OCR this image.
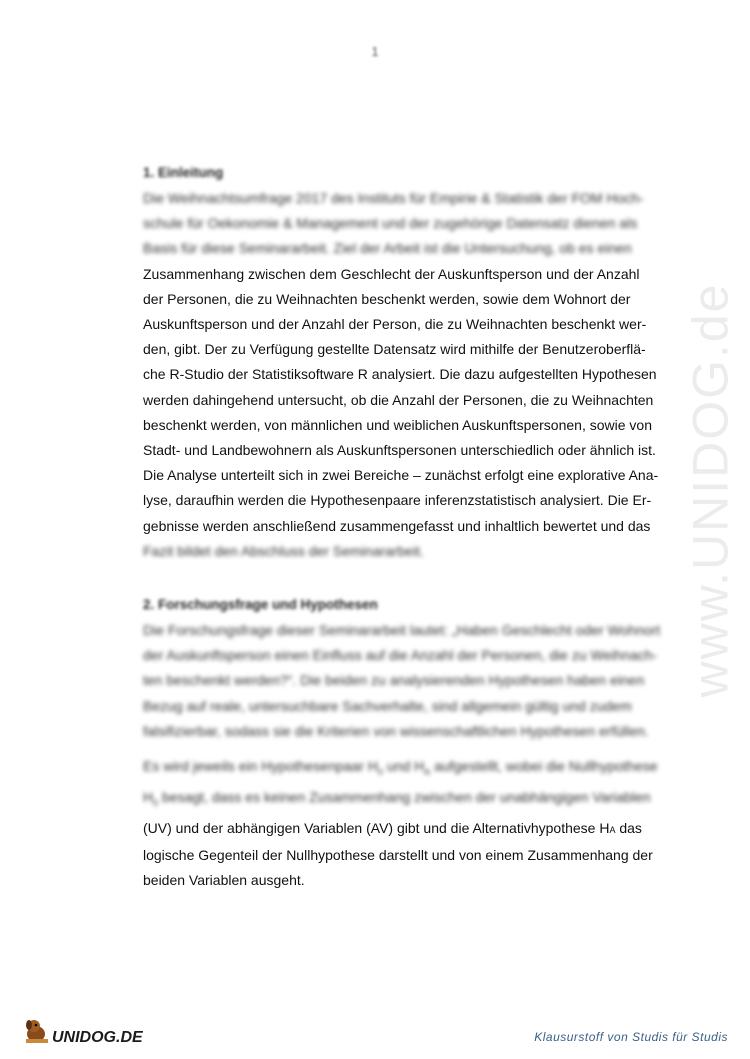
1
www.UNIDOG.de
1. Einleitung

Die Weihnachtsumfrage 2017 des Instituts für Empirie & Statistik der FOM Hoch-
schule für Oekonomie & Management und der zugehörige Datensatz dienen als
Basis für diese Seminararbeit. Ziel der Arbeit ist die Untersuchung, ob es einen
Zusammenhang zwischen dem Geschlecht der Auskunftsperson und der Anzahl
der Personen, die zu Weihnachten beschenkt werden, sowie dem Wohnort der
Auskunftsperson und der Anzahl der Person, die zu Weihnachten beschenkt wer-
den, gibt. Der zu Verfügung gestellte Datensatz wird mithilfe der Benutzeroberflä-
che R-Studio der Statistiksoftware R analysiert. Die dazu aufgestellten Hypothesen
werden dahingehend untersucht, ob die Anzahl der Personen, die zu Weihnachten
beschenkt werden, von männlichen und weiblichen Auskunftspersonen, sowie von
Stadt- und Landbewohnern als Auskunftspersonen unterschiedlich oder ähnlich ist.
Die Analyse unterteilt sich in zwei Bereiche – zunächst erfolgt eine explorative Ana-
lyse, daraufhin werden die Hypothesenpaare inferenzstatistisch analysiert. Die Er-
gebnisse werden anschließend zusammengefasst und inhaltlich bewertet und das
Fazit bildet den Abschluss der Seminararbeit.

2. Forschungsfrage und Hypothesen

Die Forschungsfrage dieser Seminararbeit lautet: „Haben Geschlecht oder Wohnort
der Auskunftsperson einen Einfluss auf die Anzahl der Personen, die zu Weihnach-
ten beschenkt werden?“. Die beiden zu analysierenden Hypothesen haben einen
Bezug auf reale, untersuchbare Sachverhalte, sind allgemein gültig und zudem
falsifizierbar, sodass sie die Kriterien von wissenschaftlichen Hypothesen erfüllen.

Es wird jeweils ein Hypothesenpaar $H_0$ und $H_A$ aufgestellt, wobei die Nullhypothese
$H_0$ besagt, dass es keinen Zusammenhang zwischen der unabhängigen Variablen
(UV) und der abhängigen Variablen (AV) gibt und die Alternativhypothese HA das
logische Gegenteil der Nullhypothese darstellt und von einem Zusammenhang der
beiden Variablen ausgeht.

UNIDOG.DE	Klausurstoff von Studis für Studis
